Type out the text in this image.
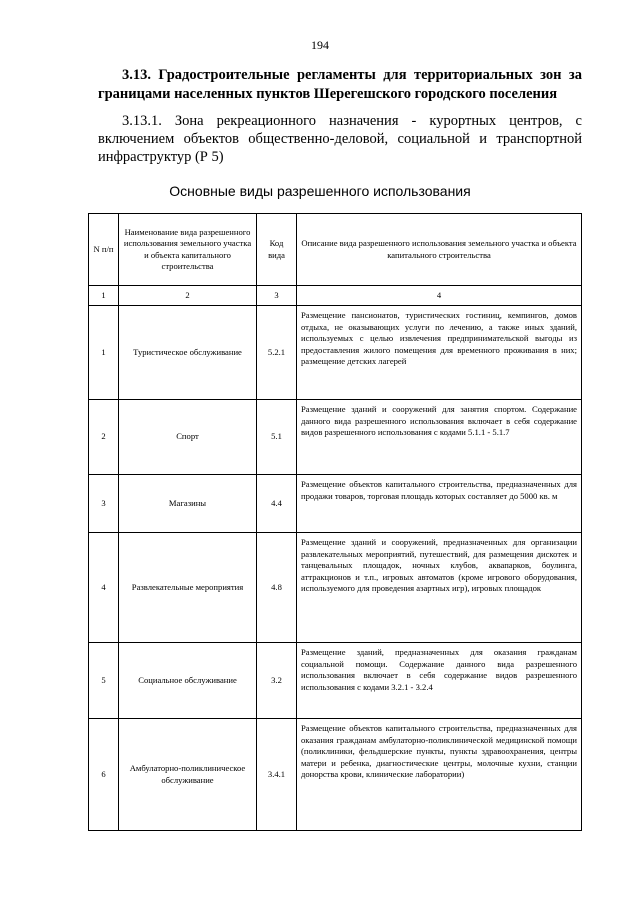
194
3.13. Градостроительные регламенты для территориальных зон за
границами населенных пунктов Шерегешского городского поселения
3.13.1. Зона рекреационного назначения - курортных центров, с включением объектов общественно-деловой, социальной и транспортной инфраструктур (Р 5)
Основные виды разрешенного использования
N п/п	Наименование вида разрешенного использования земельного участка и объекта капитального строительства	Код вида	Описание вида разрешенного использования земельного участка и объекта капитального строительства
1	2	3	4
1	Туристическое обслуживание	5.2.1	Размещение пансионатов, туристических гостиниц, кемпингов, домов отдыха, не оказывающих услуги по лечению, а также иных зданий, используемых с целью извлечения предпринимательской выгоды из предоставления жилого помещения для временного проживания в них; размещение детских лагерей
2	Спорт	5.1	Размещение зданий и сооружений для занятия спортом. Содержание данного вида разрешенного использования включает в себя содержание видов разрешенного использования с кодами 5.1.1 - 5.1.7
3	Магазины	4.4	Размещение объектов капитального строительства, предназначенных для продажи товаров, торговая площадь которых составляет до 5000 кв. м
4	Развлекательные мероприятия	4.8	Размещение зданий и сооружений, предназначенных для организации развлекательных мероприятий, путешествий, для размещения дискотек и танцевальных площадок, ночных клубов, аквапарков, боулинга, аттракционов и т.п., игровых автоматов (кроме игрового оборудования, используемого для проведения азартных игр), игровых площадок
5	Социальное обслуживание	3.2	Размещение зданий, предназначенных для оказания гражданам социальной помощи. Содержание данного вида разрешенного использования включает в себя содержание видов разрешенного использования с кодами 3.2.1 - 3.2.4
6	Амбулаторно-поликлиническое обслуживание	3.4.1	Размещение объектов капитального строительства, предназначенных для оказания гражданам амбулаторно-поликлинической медицинской помощи (поликлиники, фельдшерские пункты, пункты здравоохранения, центры матери и ребенка, диагностические центры, молочные кухни, станции донорства крови, клинические лаборатории)
